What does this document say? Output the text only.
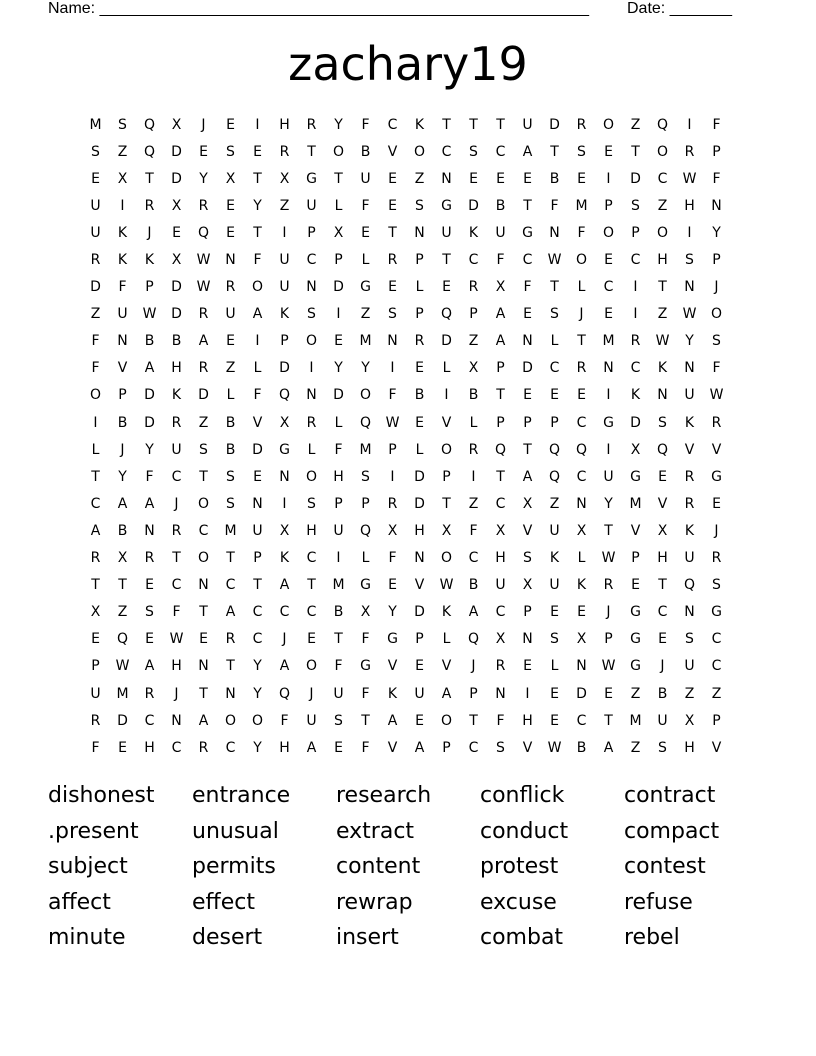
Name: _______________________________________________________ Date: _______
zachary19
M	S	Q	X	J	E	I	H	R	Y	F	C	K	T	T	T	U	D	R	O	Z	Q	I	F
S	Z	Q	D	E	S	E	R	T	O	B	V	O	C	S	C	A	T	S	E	T	O	R	P
E	X	T	D	Y	X	T	X	G	T	U	E	Z	N	E	E	E	B	E	I	D	C	W	F
U	I	R	X	R	E	Y	Z	U	L	F	E	S	G	D	B	T	F	M	P	S	Z	H	N
U	K	J	E	Q	E	T	I	P	X	E	T	N	U	K	U	G	N	F	O	P	O	I	Y
R	K	K	X	W	N	F	U	C	P	L	R	P	T	C	F	C	W	O	E	C	H	S	P
D	F	P	D	W	R	O	U	N	D	G	E	L	E	R	X	F	T	L	C	I	T	N	J
Z	U	W	D	R	U	A	K	S	I	Z	S	P	Q	P	A	E	S	J	E	I	Z	W	O
F	N	B	B	A	E	I	P	O	E	M	N	R	D	Z	A	N	L	T	M	R	W	Y	S
F	V	A	H	R	Z	L	D	I	Y	Y	I	E	L	X	P	D	C	R	N	C	K	N	F
O	P	D	K	D	L	F	Q	N	D	O	F	B	I	B	T	E	E	E	I	K	N	U	W
I	B	D	R	Z	B	V	X	R	L	Q	W	E	V	L	P	P	P	C	G	D	S	K	R
L	J	Y	U	S	B	D	G	L	F	M	P	L	O	R	Q	T	Q	Q	I	X	Q	V	V
T	Y	F	C	T	S	E	N	O	H	S	I	D	P	I	T	A	Q	C	U	G	E	R	G
C	A	A	J	O	S	N	I	S	P	P	R	D	T	Z	C	X	Z	N	Y	M	V	R	E
A	B	N	R	C	M	U	X	H	U	Q	X	H	X	F	X	V	U	X	T	V	X	K	J
R	X	R	T	O	T	P	K	C	I	L	F	N	O	C	H	S	K	L	W	P	H	U	R
T	T	E	C	N	C	T	A	T	M	G	E	V	W	B	U	X	U	K	R	E	T	Q	S
X	Z	S	F	T	A	C	C	C	B	X	Y	D	K	A	C	P	E	E	J	G	C	N	G
E	Q	E	W	E	R	C	J	E	T	F	G	P	L	Q	X	N	S	X	P	G	E	S	C
P	W	A	H	N	T	Y	A	O	F	G	V	E	V	J	R	E	L	N	W	G	J	U	C
U	M	R	J	T	N	Y	Q	J	U	F	K	U	A	P	N	I	E	D	E	Z	B	Z	Z
R	D	C	N	A	O	O	F	U	S	T	A	E	O	T	F	H	E	C	T	M	U	X	P
F	E	H	C	R	C	Y	H	A	E	F	V	A	P	C	S	V	W	B	A	Z	S	H	V
dishonest	entrance	research	conflick	contract
.present	unusual	extract	conduct	compact
subject	permits	content	protest	contest
affect	effect	rewrap	excuse	refuse
minute	desert	insert	combat	rebel
